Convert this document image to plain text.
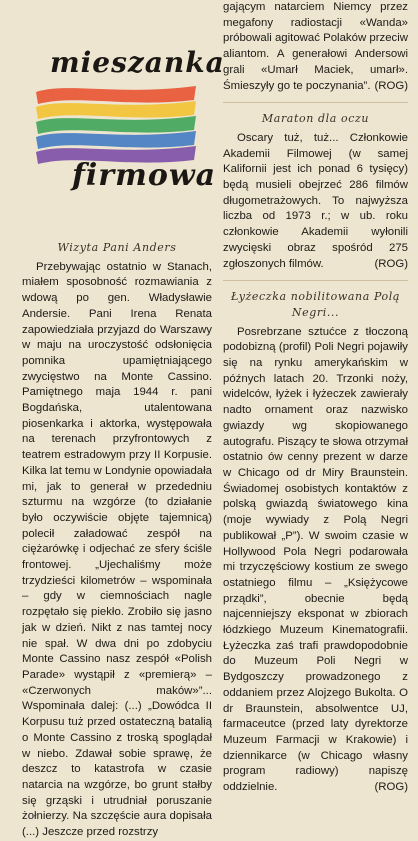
mieszanka
firmowa
Wizyta Pani Anders

Przebywając ostatnio w Stanach, miałem sposobność rozmawiania z wdową po gen. Władysławie Andersie. Pani Irena Renata zapowiedziała przyjazd do Warszawy w maju na uroczystość odsłonięcia pomnika upamiętniającego zwycięstwo na Monte Cassino. Pamiętnego maja 1944 r. pani Bogdańska, utalentowana piosenkarka i aktorka, występowała na terenach przyfrontowych z teatrem estradowym przy II Korpusie. Kilka lat temu w Londynie opowiadała mi, jak to generał w przededniu szturmu na wzgórze (to działanie było oczywiście objęte tajemnicą) polecił załadować zespół na ciężarówkę i odjechać ze sfery ściśle frontowej. „Ujechaliśmy może trzydzieści kilometrów – wspominała – gdy w ciemnościach nagle rozpętało się piekło. Zrobiło się jasno jak w dzień. Nikt z nas tamtej nocy nie spał. W dwa dni po zdobyciu Monte Cassino nasz zespół «Polish Parade» wystąpił z «premierą» – «Czerwonych maków»”... Wspominała dalej: (...) „Dowódca II Korpusu tuż przed ostateczną batalią o Monte Cassino z troską spoglądał w niebo. Zdawał sobie sprawę, że deszcz to katastrofa w czasie natarcia na wzgórze, bo grunt stałby się grząski i utrudniał poruszanie żołnierzy. Na szczęście aura dopisała (...) Jeszcze przed rozstrzy

gającym natarciem Niemcy przez megafony radiostacji «Wanda» próbowali agitować Polaków przeciw aliantom. A generałowi Andersowi grali «Umarł Maciek, umarł». Śmieszyły go te poczynania”. (ROG)

Maraton dla oczu

Oscary tuż, tuż... Członkowie Akademii Filmowej (w samej Kalifornii jest ich ponad 6 tysięcy) będą musieli obejrzeć 286 filmów długometrażowych. To najwyższa liczba od 1973 r.; w ub. roku członkowie Akademii wyłonili zwycięski obraz spośród 275 zgłoszonych filmów.	(ROG)

Łyżeczka nobilitowana Polą Negri...

Posrebrzane sztućce z tłoczoną podobizną (profil) Poli Negri pojawiły się na rynku amerykańskim w późnych latach 20. Trzonki noży, widelców, łyżek i łyżeczek zawierały nadto ornament oraz nazwisko gwiazdy wg skopiowanego autografu. Piszący te słowa otrzymał ostatnio ów cenny prezent w darze w Chicago od dr Miry Braunstein. Świadomej osobistych kontaktów z polską gwiazdą światowego kina (moje wywiady z Polą Negri publikował „P”). W swoim czasie w Hollywood Pola Negri podarowała mi trzyczęściowy kostium ze swego ostatniego filmu – „Księżycowe prządki”, obecnie będą najcenniejszy eksponat w zbiorach łódzkiego Muzeum Kinematografii. Łyżeczka zaś trafi prawdopodobnie do Muzeum Poli Negri w Bydgoszczy prowadzonego z oddaniem przez Alojzego Bukolta. O dr Braunstein, absolwentce UJ, farmaceutce (przed laty dyrektorze Muzeum Farmacji w Krakowie) i dziennikarce (w Chicago własny program radiowy) napiszę oddzielnie.	(ROG)
